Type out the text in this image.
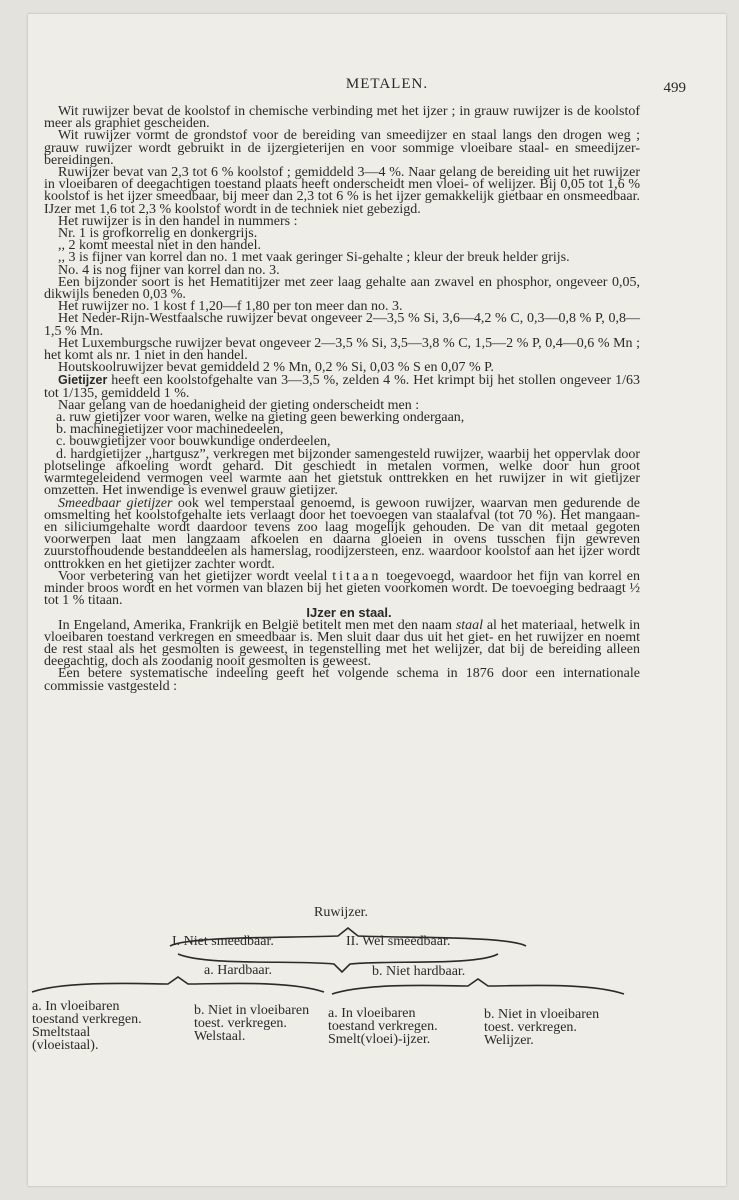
METALEN.	499

Wit ruwijzer bevat de koolstof in chemische verbinding met het ijzer ; in grauw ruwijzer is de koolstof meer als graphiet gescheiden.

Wit ruwijzer vormt de grondstof voor de bereiding van smeedijzer en staal langs den drogen weg ; grauw ruwijzer wordt gebruikt in de ijzergieterijen en voor sommige vloeibare staal- en smeedijzer-bereidingen.

Ruwijzer bevat van 2,3 tot 6 % koolstof ; gemiddeld 3—4 %. Naar gelang de bereiding uit het ruwijzer in vloeibaren of deegachtigen toestand plaats heeft onderscheidt men vloei- of welijzer. Bij 0,05 tot 1,6 % koolstof is het ijzer smeedbaar, bij meer dan 2,3 tot 6 % is het ijzer gemakkelijk gietbaar en onsmeedbaar. IJzer met 1,6 tot 2,3 % koolstof wordt in de techniek niet gebezigd.

Het ruwijzer is in den handel in nummers :

Nr. 1 is grofkorrelig en donkergrijs.

,, 2 komt meestal niet in den handel.

,, 3 is fijner van korrel dan no. 1 met vaak geringer Si-gehalte ; kleur der breuk helder grijs.

No. 4 is nog fijner van korrel dan no. 3.

Een bijzonder soort is het Hematitijzer met zeer laag gehalte aan zwavel en phosphor, ongeveer 0,05, dikwijls beneden 0,03 %.

Het ruwijzer no. 1 kost f 1,20—f 1,80 per ton meer dan no. 3.

Het Neder-Rijn-Westfaalsche ruwijzer bevat ongeveer 2—3,5 % Si, 3,6—4,2 % C, 0,3—0,8 % P, 0,8—1,5 % Mn.

Het Luxemburgsche ruwijzer bevat ongeveer 2—3,5 % Si, 3,5—3,8 % C, 1,5—2 % P, 0,4—0,6 % Mn ; het komt als nr. 1 niet in den handel.

Houtskoolruwijzer bevat gemiddeld 2 % Mn, 0,2 % Si, 0,03 % S en 0,07 % P.

Gietijzer heeft een koolstofgehalte van 3—3,5 %, zelden 4 %. Het krimpt bij het stollen ongeveer 1/63 tot 1/135, gemiddeld 1 %.

Naar gelang van de hoedanigheid der gieting onderscheidt men :

a. ruw gietijzer voor waren, welke na gieting geen bewerking ondergaan,

b. machinegietijzer voor machinedeelen,

c. bouwgietijzer voor bouwkundige onderdeelen,

d. hardgietijzer ,,hartgusz”, verkregen met bijzonder samengesteld ruwijzer, waarbij het oppervlak door plotselinge afkoeling wordt gehard. Dit geschiedt in metalen vormen, welke door hun groot warmtegeleidend vermogen veel warmte aan het gietstuk onttrekken en het ruwijzer in wit gietijzer omzetten. Het inwendige is evenwel grauw gietijzer.

Smeedbaar gietijzer ook wel temperstaal genoemd, is gewoon ruwijzer, waarvan men gedurende de omsmelting het koolstofgehalte iets verlaagt door het toevoegen van staalafval (tot 70 %). Het mangaan- en siliciumgehalte wordt daardoor tevens zoo laag mogelijk gehouden. De van dit metaal gegoten voorwerpen laat men langzaam afkoelen en daarna gloeien in ovens tusschen fijn gewreven zuurstofhoudende bestanddeelen als hamerslag, roodijzersteen, enz. waardoor koolstof aan het ijzer wordt onttrokken en het gietijzer zachter wordt.

Voor verbetering van het gietijzer wordt veelal titaan toegevoegd, waardoor het fijn van korrel en minder broos wordt en het vormen van blazen bij het gieten voorkomen wordt. De toevoeging bedraagt ½ tot 1 % titaan.

IJzer en staal.

In Engeland, Amerika, Frankrijk en België betitelt men met den naam staal al het materiaal, hetwelk in vloeibaren toestand verkregen en smeedbaar is. Men sluit daar dus uit het giet- en het ruwijzer en noemt de rest staal als het gesmolten is geweest, in tegenstelling met het welijzer, dat bij de bereiding alleen deegachtig, doch als zoodanig nooit gesmolten is geweest.

Een betere systematische indeeling geeft het volgende schema in 1876 door een internationale commissie vastgesteld :

Ruwijzer.
I. Niet smeedbaar.	II. Wel smeedbaar.
a. Hardbaar.	b. Niet hardbaar.
a. In vloeibaren toestand verkregen. Smeltstaal (vloeistaal).
b. Niet in vloeibaren toest. verkregen. Welstaal.
a. In vloeibaren toestand verkregen. Smelt(vloei)-ijzer.
b. Niet in vloeibaren toest. verkregen. Welijzer.
